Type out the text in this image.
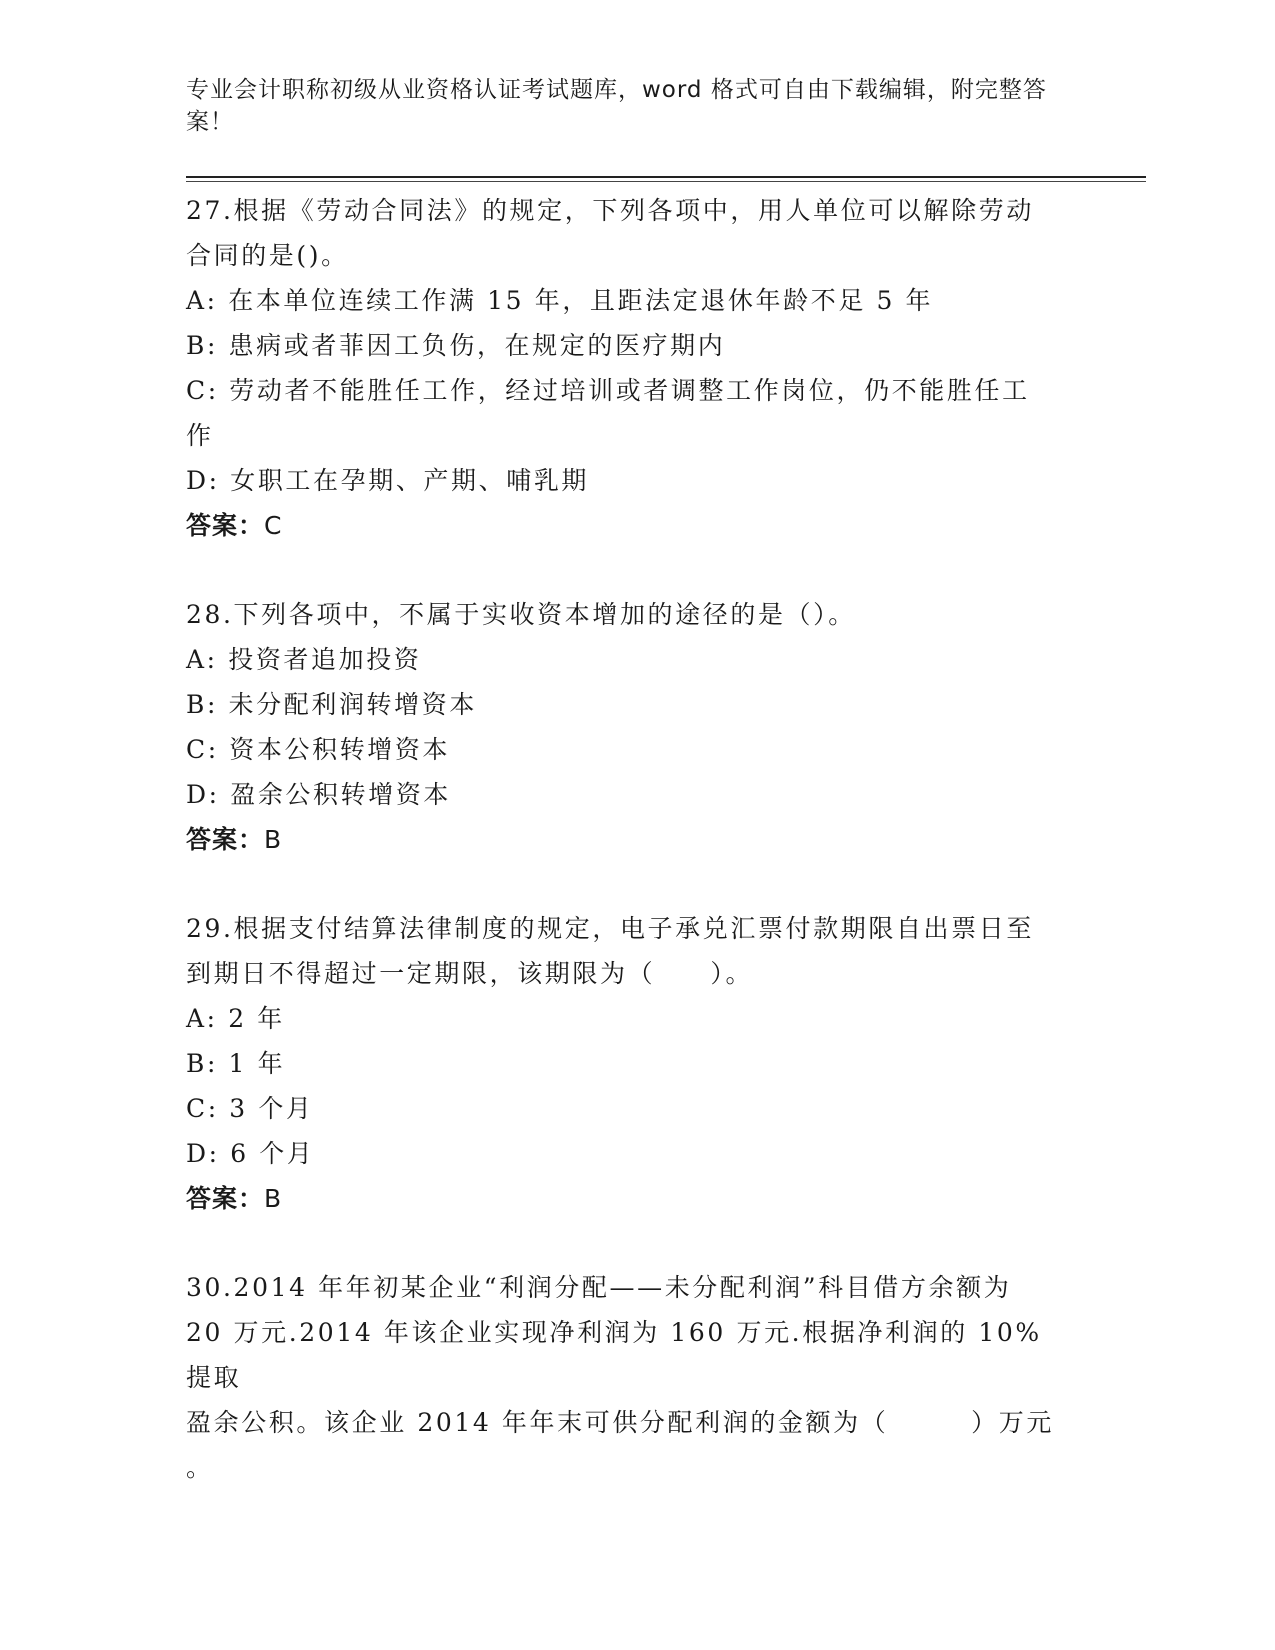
专业会计职称初级从业资格认证考试题库，word 格式可自由下载编辑，附完整答
案！
27.根据《劳动合同法》的规定，下列各项中，用人单位可以解除劳动
合同的是()。
A: 在本单位连续工作满 15 年，且距法定退休年龄不足 5 年
B: 患病或者菲因工负伤，在规定的医疗期内
C: 劳动者不能胜任工作，经过培训或者调整工作岗位，仍不能胜任工
作
D: 女职工在孕期、产期、哺乳期
答案：C
28.下列各项中，不属于实收资本增加的途径的是（）。
A: 投资者追加投资
B: 未分配利润转增资本
C: 资本公积转增资本
D: 盈余公积转增资本
答案：B
29.根据支付结算法律制度的规定，电子承兑汇票付款期限自出票日至
到期日不得超过一定期限，该期限为（　　）。
A: 2 年
B: 1 年
C: 3 个月
D: 6 个月
答案：B
30.2014 年年初某企业“利润分配——未分配利润”科目借方余额为
20 万元.2014 年该企业实现净利润为 160 万元.根据净利润的 10%提取
盈余公积。该企业 2014 年年末可供分配利润的金额为（　　　）万元
。
